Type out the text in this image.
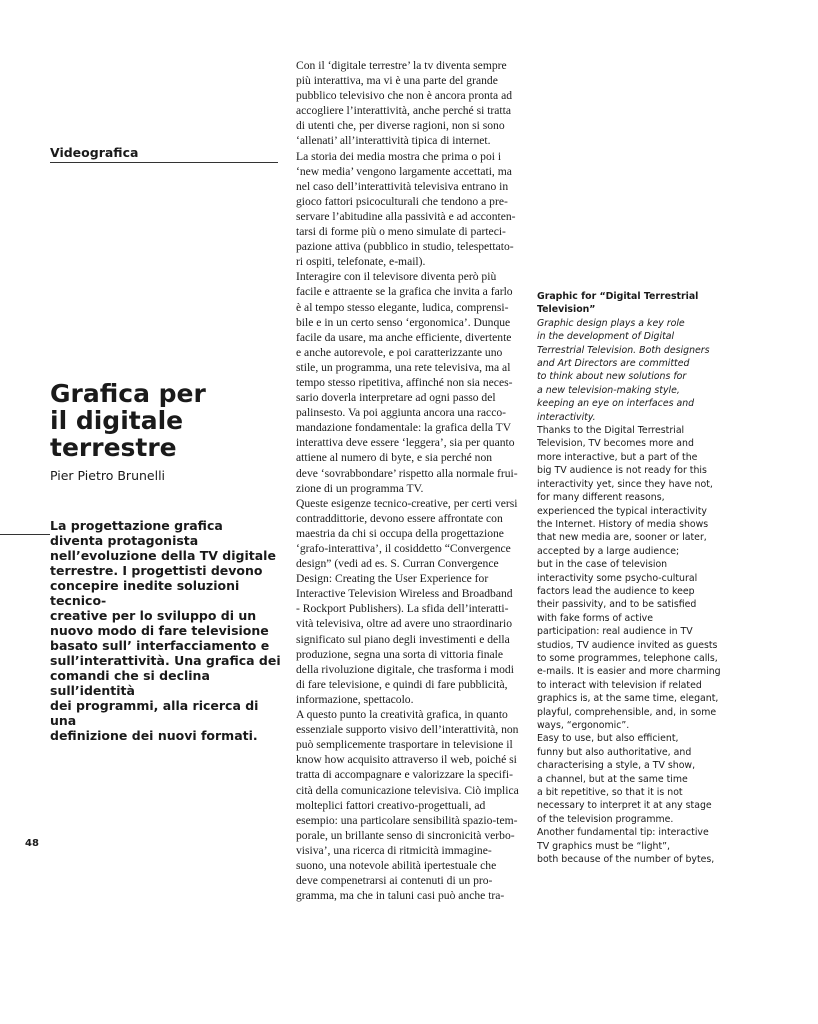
Videografica
Grafica per
il digitale
terrestre
Pier Pietro Brunelli
La progettazione grafica
diventa protagonista
nell’evoluzione della TV digitale
terrestre. I progettisti devono
concepire inedite soluzioni tecnico-
creative per lo sviluppo di un
nuovo modo di fare televisione
basato sull’ interfacciamento e
sull’interattività. Una grafica dei
comandi che si declina sull’identità
dei programmi, alla ricerca di una
definizione dei nuovi formati.
48
Con il ‘digitale terrestre’ la tv diventa sempre
più interattiva, ma vi è una parte del grande
pubblico televisivo che non è ancora pronta ad
accogliere l’interattività, anche perché si tratta
di utenti che, per diverse ragioni, non si sono
‘allenati’ all’interattività tipica di internet.
La storia dei media mostra che prima o poi i
‘new media’ vengono largamente accettati, ma
nel caso dell’interattività televisiva entrano in
gioco fattori psicoculturali che tendono a pre-
servare l’abitudine alla passività e ad acconten-
tarsi di forme più o meno simulate di parteci-
pazione attiva (pubblico in studio, telespettato-
ri ospiti, telefonate, e-mail).
Interagire con il televisore diventa però più
facile e attraente se la grafica che invita a farlo
è al tempo stesso elegante, ludica, comprensi-
bile e in un certo senso ‘ergonomica’. Dunque
facile da usare, ma anche efficiente, divertente
e anche autorevole, e poi caratterizzante uno
stile, un programma, una rete televisiva, ma al
tempo stesso ripetitiva, affinché non sia neces-
sario doverla interpretare ad ogni passo del
palinsesto. Va poi aggiunta ancora una racco-
mandazione fondamentale: la grafica della TV
interattiva deve essere ‘leggera’, sia per quanto
attiene al numero di byte, e sia perché non
deve ‘sovrabbondare’ rispetto alla normale frui-
zione di un programma TV.
Queste esigenze tecnico-creative, per certi versi
contraddittorie, devono essere affrontate con
maestria da chi si occupa della progettazione
‘grafo-interattiva’, il cosiddetto “Convergence
design” (vedi ad es. S. Curran Convergence
Design: Creating the User Experience for
Interactive Television Wireless and Broadband
- Rockport Publishers). La sfida dell’interatti-
vità televisiva, oltre ad avere uno straordinario
significato sul piano degli investimenti e della
produzione, segna una sorta di vittoria finale
della rivoluzione digitale, che trasforma i modi
di fare televisione, e quindi di fare pubblicità,
informazione, spettacolo.
A questo punto la creatività grafica, in quanto
essenziale supporto visivo dell’interattività, non
può semplicemente trasportare in televisione il
know how acquisito attraverso il web, poiché si
tratta di accompagnare e valorizzare la specifi-
cità della comunicazione televisiva. Ciò implica
molteplici fattori creativo-progettuali, ad
esempio: una particolare sensibilità spazio-tem-
porale, un brillante senso di sincronicità verbo-
visiva’, una ricerca di ritmicità immagine-
suono, una notevole abilità ipertestuale che
deve compenetrarsi ai contenuti di un pro-
gramma, ma che in taluni casi può anche tra-
Graphic for “Digital Terrestrial
Television”
Graphic design plays a key role
in the development of Digital
Terrestrial Television. Both designers
and Art Directors are committed
to think about new solutions for
a new television-making style,
keeping an eye on interfaces and
interactivity.
Thanks to the Digital Terrestrial
Television, TV becomes more and
more interactive, but a part of the
big TV audience is not ready for this
interactivity yet, since they have not,
for many different reasons,
experienced the typical interactivity
the Internet. History of media shows
that new media are, sooner or later,
accepted by a large audience;
but in the case of television
interactivity some psycho-cultural
factors lead the audience to keep
their passivity, and to be satisfied
with fake forms of active
participation: real audience in TV
studios, TV audience invited as guests
to some programmes, telephone calls,
e-mails. It is easier and more charming
to interact with television if related
graphics is, at the same time, elegant,
playful, comprehensible, and, in some
ways, “ergonomic”.
Easy to use, but also efficient,
funny but also authoritative, and
characterising a style, a TV show,
a channel, but at the same time
a bit repetitive, so that it is not
necessary to interpret it at any stage
of the television programme.
Another fundamental tip: interactive
TV graphics must be “light”,
both because of the number of bytes,
